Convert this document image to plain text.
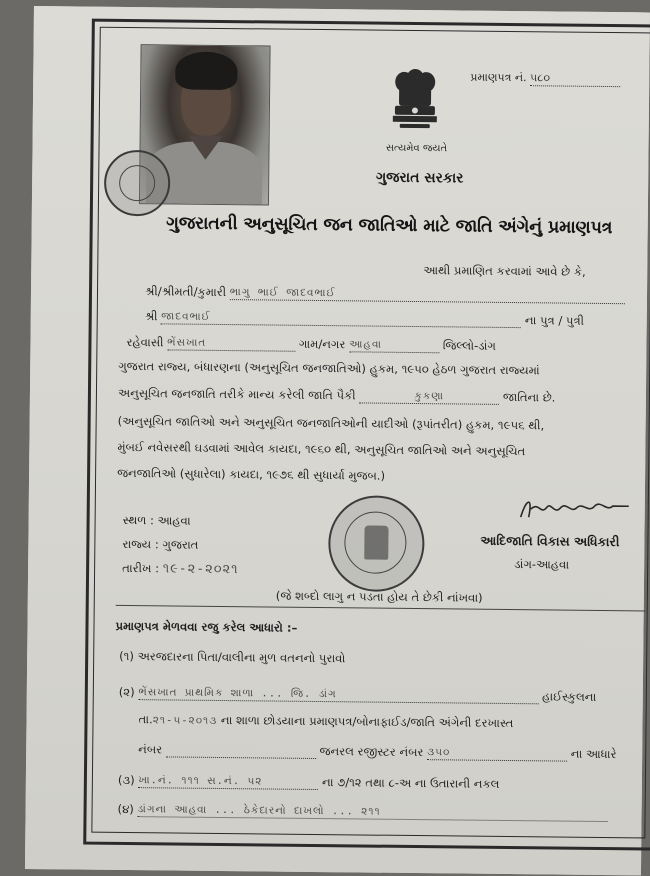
સત્યમેવ જયતે
પ્રમાણપત્ર નં. ૫૮૦
ગુજરાત સરકાર
ગુજરાતની અનુસૂચિત જન જાતિઓ માટે જાતિ અંગેનું પ્રમાણપત્ર
આથી પ્રમાણિત કરવામાં આવે છે કે,
શ્રી/શ્રીમતી/કુમારી ભાગુ ભાઈ જાદવભાઈ
શ્રી જાદવભાઈ	ના પુત્ર / પુત્રી
રહેવાસી ભેંસખાત	ગામ/નગર આહવા	જિલ્લો-ડાંગ
ગુજરાત રાજ્ય, બંધારણના (અનુસૂચિત જનજાતિઓ) હુકમ, ૧૯૫૦ હેઠળ ગુજરાત રાજ્યમાં
અનુસૂચિત જનજાતિ તરીકે માન્ય કરેલી જાતિ પૈકી	કુકણા	જાતિના છે.
(અનુસૂચિત જાતિઓ અને અનુસૂચિત જનજાતિઓની યાદીઓ (રૂપાંતરીત) હુકમ, ૧૯૫૬ થી,
મુંબઈ નવેસરથી ઘડવામાં આવેલ કાયદા, ૧૯૬૦ થી, અનુસૂચિત જાતિઓ અને અનુસૂચિત
જનજાતિઓ (સુધારેલા) કાયદા, ૧૯૭૬ થી સુધાર્યા મુજબ.)
સ્થળ : આહવા
રાજ્ય : ગુજરાત
તારીખ : ૧૯-૨-૨૦૨૧
આદિજાતિ વિકાસ અધિકારી
ડાંગ-આહવા
(જે શબ્દો લાગુ ન પડતા હોય તે છેકી નાંખવા)
પ્રમાણપત્ર મેળવવા રજુ કરેલ આધારો :–
(૧) અરજદારના પિતા/વાલીના મુળ વતનનો પુરાવો
(૨) ભેંસખાત પ્રાથમિક શાળા ... જિ. ડાંગ	હાઈસ્કુલના
તા.૨૧-૫-૨૦૧૩ ના શાળા છોડયાના પ્રમાણપત્ર/બોનાફાઈડ/જાતિ અંગેની દરખાસ્ત
નંબર	જનરલ રજીસ્ટર નંબર ૩૫૦	ના આધારે
(૩) ખા.નં. ૧૧૧ સ.નં. ૫૨	ના ૭/૧૨ તથા ૮-અ ના ઉતારાની નકલ
(૪) ડાંગના આહવા ... ઠેકેદારનો દાખલો ... ૨૧૧
